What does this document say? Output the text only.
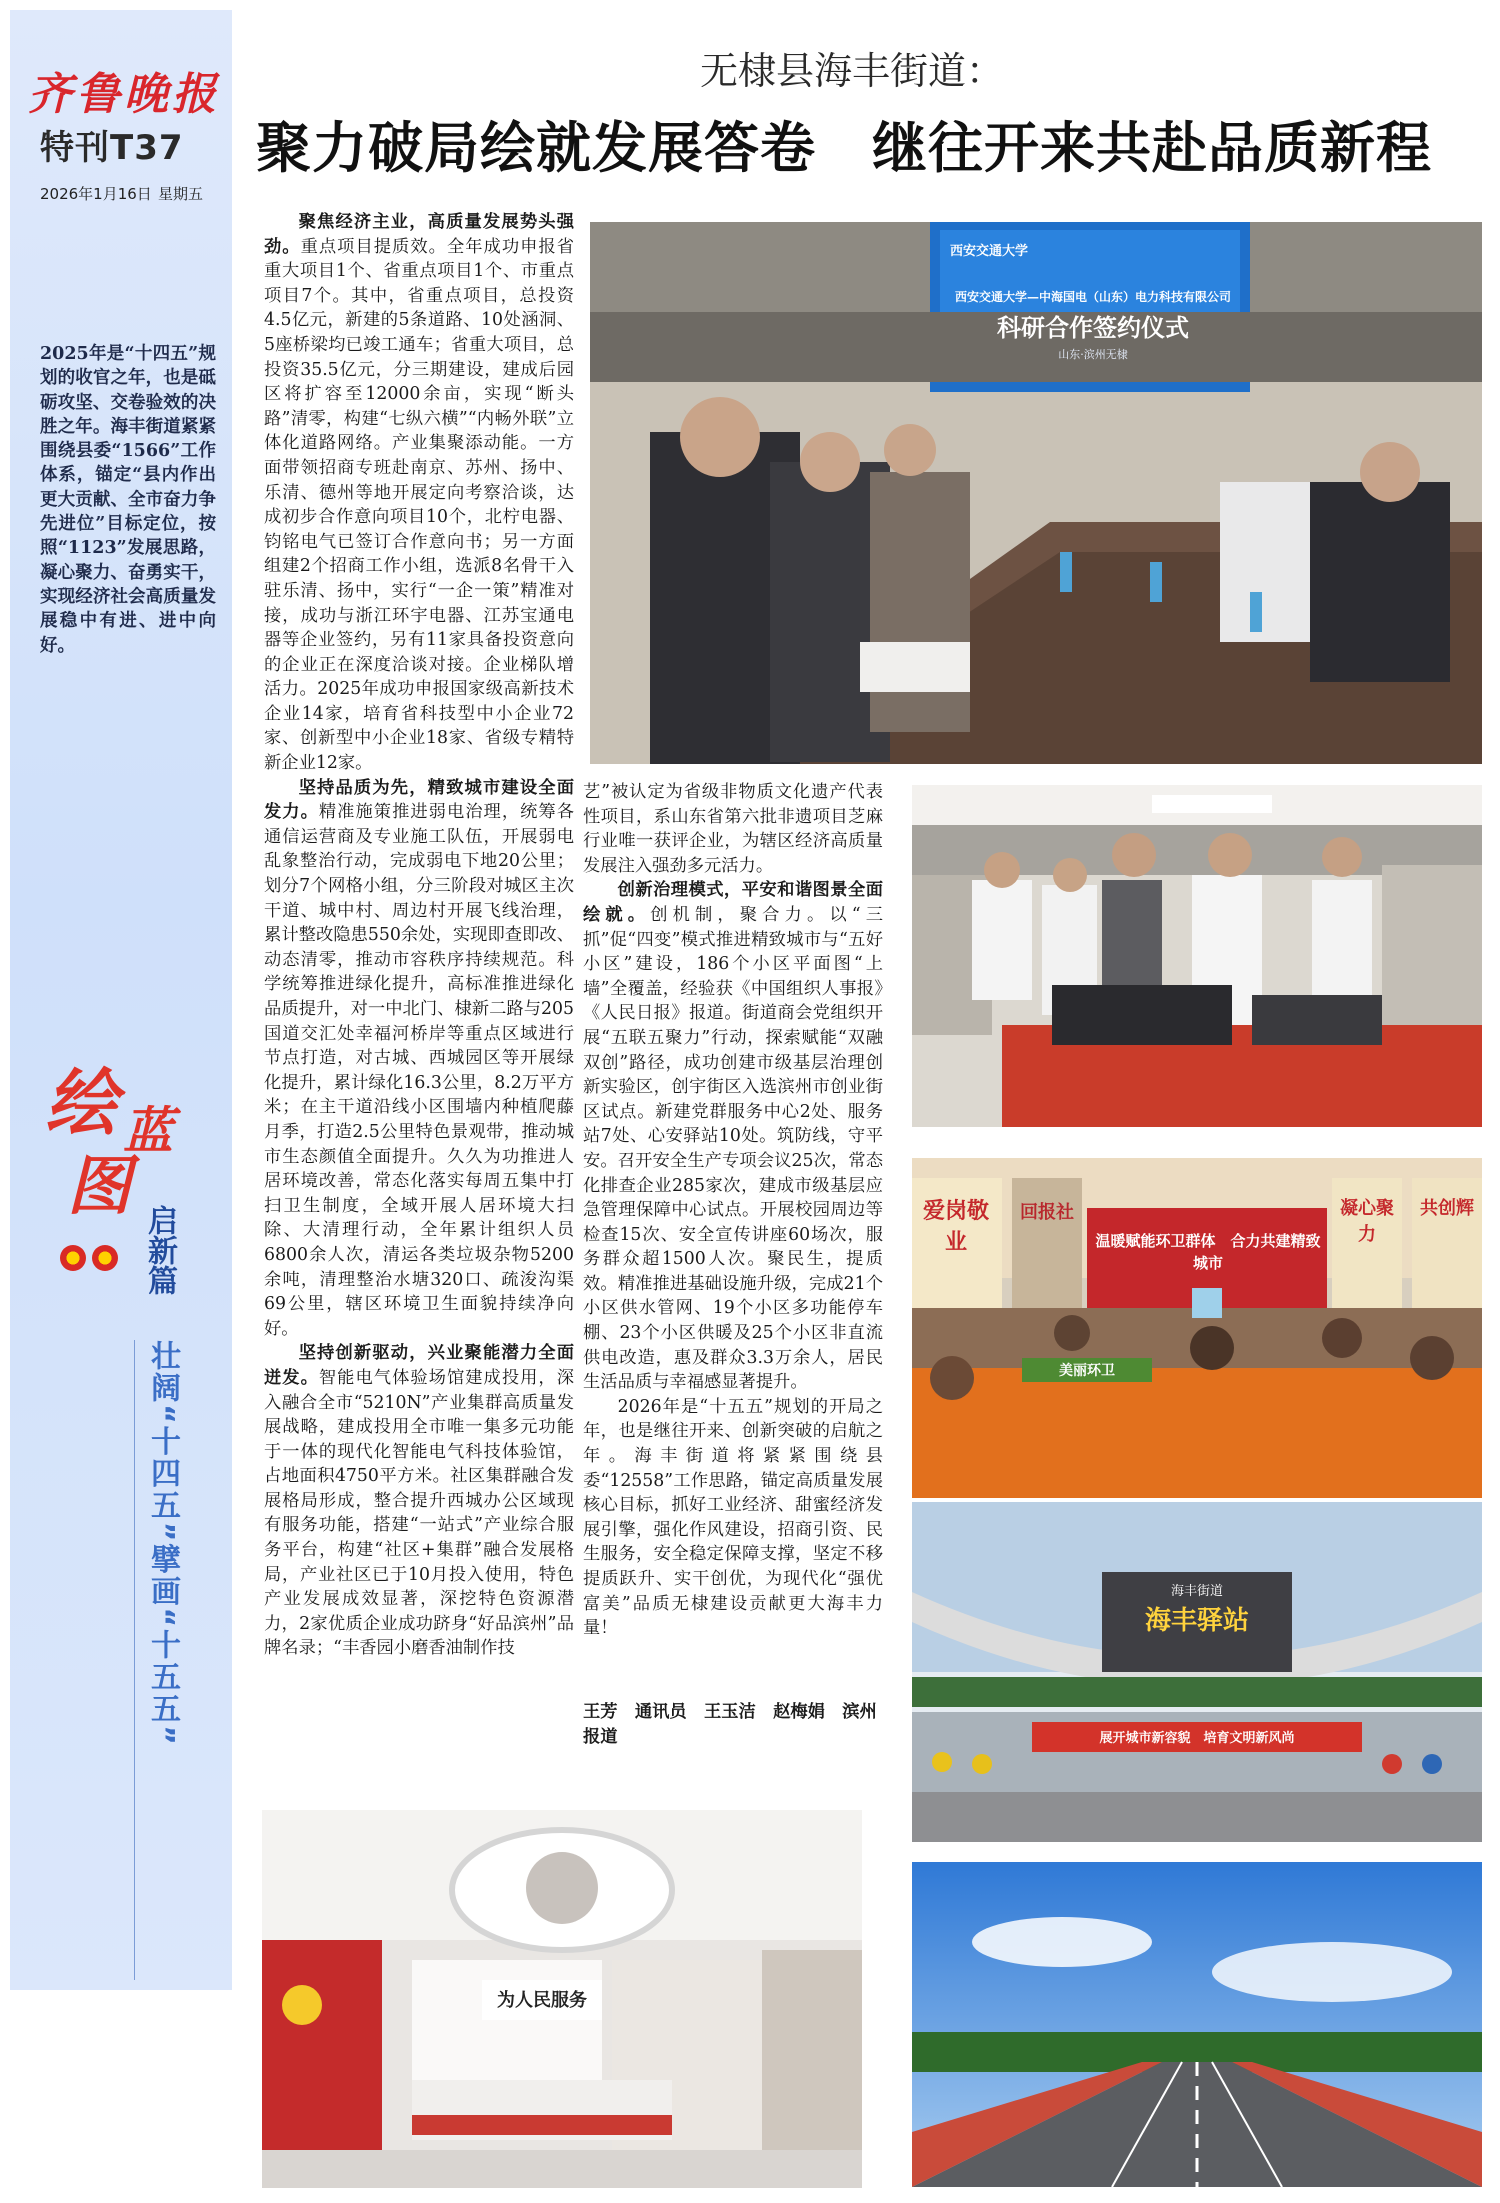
齐鲁晚报
特刊T37
2026年1月16日 星期五
2025年是“十四五”规划的收官之年，也是砥砺攻坚、交卷验效的决胜之年。海丰街道紧紧围绕县委“1566”工作体系，锚定“县内作出更大贡献、全市奋力争先进位”目标定位，按照“1123”发展思路，凝心聚力、奋勇实干，实现经济社会高质量发展稳中有进、进中向好。
绘 蓝
图
启新篇
壮阔“十四五”擘画“十五五”
无棣县海丰街道：
聚力破局绘就发展答卷　继往开来共赴品质新程

聚焦经济主业，高质量发展势头强劲。重点项目提质效。全年成功申报省重大项目1个、省重点项目1个、市重点项目7个。其中，省重点项目，总投资4.5亿元，新建的5条道路、10处涵洞、5座桥梁均已竣工通车；省重大项目，总投资35.5亿元，分三期建设，建成后园区将扩容至12000余亩，实现“断头路”清零，构建“七纵六横”“内畅外联”立体化道路网络。产业集聚添动能。一方面带领招商专班赴南京、苏州、扬中、乐清、德州等地开展定向考察洽谈，达成初步合作意向项目10个，北柠电器、钧铭电气已签订合作意向书；另一方面组建2个招商工作小组，选派8名骨干入驻乐清、扬中，实行“一企一策”精准对接，成功与浙江环宇电器、江苏宝通电器等企业签约，另有11家具备投资意向的企业正在深度洽谈对接。企业梯队增活力。2025年成功申报国家级高新技术企业14家，培育省科技型中小企业72家、创新型中小企业18家、省级专精特新企业12家。

坚持品质为先，精致城市建设全面发力。精准施策推进弱电治理，统筹各通信运营商及专业施工队伍，开展弱电乱象整治行动，完成弱电下地20公里；划分7个网格小组，分三阶段对城区主次干道、城中村、周边村开展飞线治理，累计整改隐患550余处，实现即查即改、动态清零，推动市容秩序持续规范。科学统筹推进绿化提升，高标准推进绿化品质提升，对一中北门、棣新二路与205国道交汇处幸福河桥岸等重点区域进行节点打造，对古城、西城园区等开展绿化提升，累计绿化16.3公里，8.2万平方米；在主干道沿线小区围墙内种植爬藤月季，打造2.5公里特色景观带，推动城市生态颜值全面提升。久久为功推进人居环境改善，常态化落实每周五集中打扫卫生制度，全域开展人居环境大扫除、大清理行动，全年累计组织人员6800余人次，清运各类垃圾杂物5200余吨，清理整治水塘320口、疏浚沟渠69公里，辖区环境卫生面貌持续净向好。

坚持创新驱动，兴业聚能潜力全面迸发。智能电气体验场馆建成投用，深入融合全市“5210N”产业集群高质量发展战略，建成投用全市唯一集多元功能于一体的现代化智能电气科技体验馆，占地面积4750平方米。社区集群融合发展格局形成，整合提升西城办公区域现有服务功能，搭建“一站式”产业综合服务平台，构建“社区+集群”融合发展格局，产业社区已于10月投入使用，特色产业发展成效显著，深挖特色资源潜力，2家优质企业成功跻身“好品滨州”品牌名录；“丰香园小磨香油制作技

艺”被认定为省级非物质文化遗产代表性项目，系山东省第六批非遗项目芝麻行业唯一获评企业，为辖区经济高质量发展注入强劲多元活力。

创新治理模式，平安和谐图景全面绘就。创机制，聚合力。以“三抓”促“四变”模式推进精致城市与“五好小区”建设，186个小区平面图“上墙”全覆盖，经验获《中国组织人事报》《人民日报》报道。街道商会党组织开展“五联五聚力”行动，探索赋能“双融双创”路径，成功创建市级基层治理创新实验区，创宇街区入选滨州市创业街区试点。新建党群服务中心2处、服务站7处、心安驿站10处。筑防线，守平安。召开安全生产专项会议25次，常态化排查企业285家次，建成市级基层应急管理保障中心试点。开展校园周边等检查15次、安全宣传讲座60场次，服务群众超1500人次。聚民生，提质效。精准推进基础设施升级，完成21个小区供水管网、19个小区多功能停车棚、23个小区供暖及25个小区非直流供电改造，惠及群众3.3万余人，居民生活品质与幸福感显著提升。

2026年是“十五五”规划的开局之年，也是继往开来、创新突破的启航之年。海丰街道将紧紧围绕县委“12558”工作思路，锚定高质量发展核心目标，抓好工业经济、甜蜜经济发展引擎，强化作风建设，招商引资、民生服务，安全稳定保障支撑，坚定不移提质跃升、实干创优，为现代化“强优富美”品质无棣建设贡献更大海丰力量！

王芳　通讯员　王玉洁　赵梅娟　滨州报道
西安交通大学
西安交通大学—中海国电（山东）电力科技有限公司
科研合作签约仪式
山东·滨州无棣
爱岗敬业
回报社
温暖赋能环卫群体　合力共建精致城市
凝心聚力
共创辉
美丽环卫
海丰街道
海丰驿站
展开城市新容貌　培育文明新风尚
为人民服务
